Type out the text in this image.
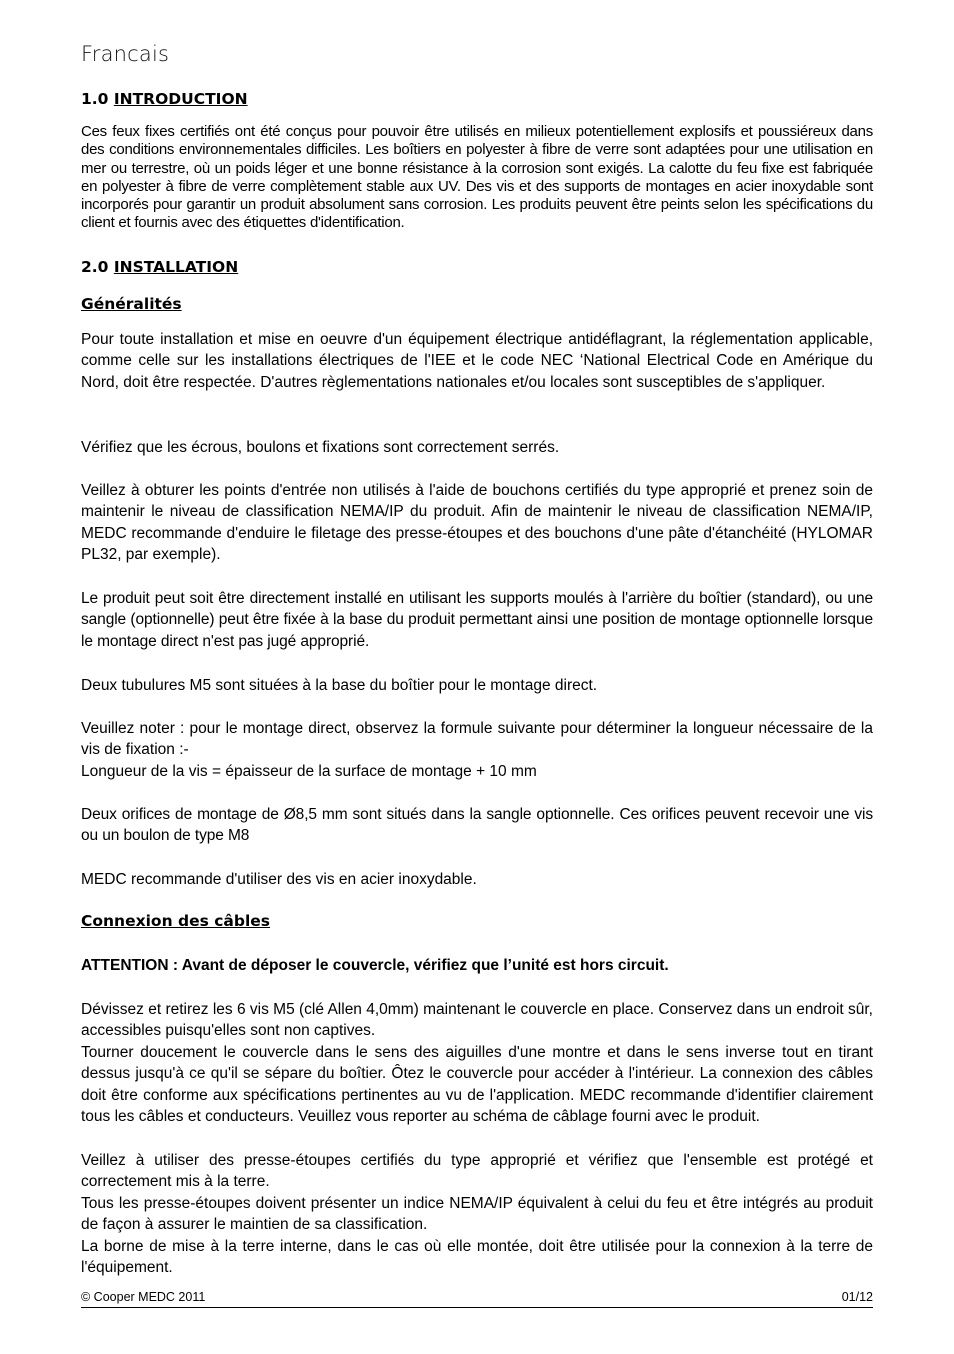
Francais
1.0 INTRODUCTION
Ces feux fixes certifiés ont été conçus pour pouvoir être utilisés en milieux potentiellement explosifs et poussiéreux dans des conditions environnementales difficiles. Les boîtiers en polyester à fibre de verre sont adaptées pour une utilisation en mer ou terrestre, où un poids léger et une bonne résistance à la corrosion sont exigés. La calotte du feu fixe est fabriquée en polyester à fibre de verre complètement stable aux UV. Des vis et des supports de montages en acier inoxydable sont incorporés pour garantir un produit absolument sans corrosion. Les produits peuvent être peints selon les spécifications du client et fournis avec des étiquettes d'identification.
2.0 INSTALLATION
Généralités
Pour toute installation et mise en oeuvre d'un équipement électrique antidéflagrant, la réglementation applicable, comme celle sur les installations électriques de l'IEE et le code NEC ‘National Electrical Code en Amérique du Nord, doit être respectée. D'autres règlementations nationales et/ou locales sont susceptibles de s'appliquer.
Vérifiez que les écrous, boulons et fixations sont correctement serrés.
Veillez à obturer les points d'entrée non utilisés à l'aide de bouchons certifiés du type approprié et prenez soin de maintenir le niveau de classification NEMA/IP du produit. Afin de maintenir le niveau de classification NEMA/IP, MEDC recommande d'enduire le filetage des presse-étoupes et des bouchons d'une pâte d'étanchéité (HYLOMAR PL32, par exemple).
Le produit peut soit être directement installé en utilisant les supports moulés à l'arrière du boîtier (standard), ou une sangle (optionnelle) peut être fixée à la base du produit permettant ainsi une position de montage optionnelle lorsque le montage direct n'est pas jugé approprié.
Deux tubulures M5 sont situées à la base du boîtier pour le montage direct.
Veuillez noter : pour le montage direct, observez la formule suivante pour déterminer la longueur nécessaire de la vis de fixation :-
Longueur de la vis = épaisseur de la surface de montage + 10 mm
Deux orifices de montage de Ø8,5 mm sont situés dans la sangle optionnelle. Ces orifices peuvent recevoir une vis ou un boulon de type M8
MEDC recommande d'utiliser des vis en acier inoxydable.
Connexion des câbles
ATTENTION : Avant de déposer le couvercle, vérifiez que l’unité est hors circuit.
Dévissez et retirez les 6 vis M5 (clé Allen 4,0mm) maintenant le couvercle en place. Conservez dans un endroit sûr, accessibles puisqu'elles sont non captives.
Tourner doucement le couvercle dans le sens des aiguilles d'une montre et dans le sens inverse tout en tirant dessus jusqu'à ce qu'il se sépare du boîtier. Ôtez le couvercle pour accéder à l'intérieur. La connexion des câbles doit être conforme aux spécifications pertinentes au vu de l'application. MEDC recommande d'identifier clairement tous les câbles et conducteurs. Veuillez vous reporter au schéma de câblage fourni avec le produit.
Veillez à utiliser des presse-étoupes certifiés du type approprié et vérifiez que l'ensemble est protégé et correctement mis à la terre.
Tous les presse-étoupes doivent présenter un indice NEMA/IP équivalent à celui du feu et être intégrés au produit de façon à assurer le maintien de sa classification.
La borne de mise à la terre interne, dans le cas où elle montée, doit être utilisée pour la connexion à la terre de l'équipement.
© Cooper MEDC 2011	01/12
